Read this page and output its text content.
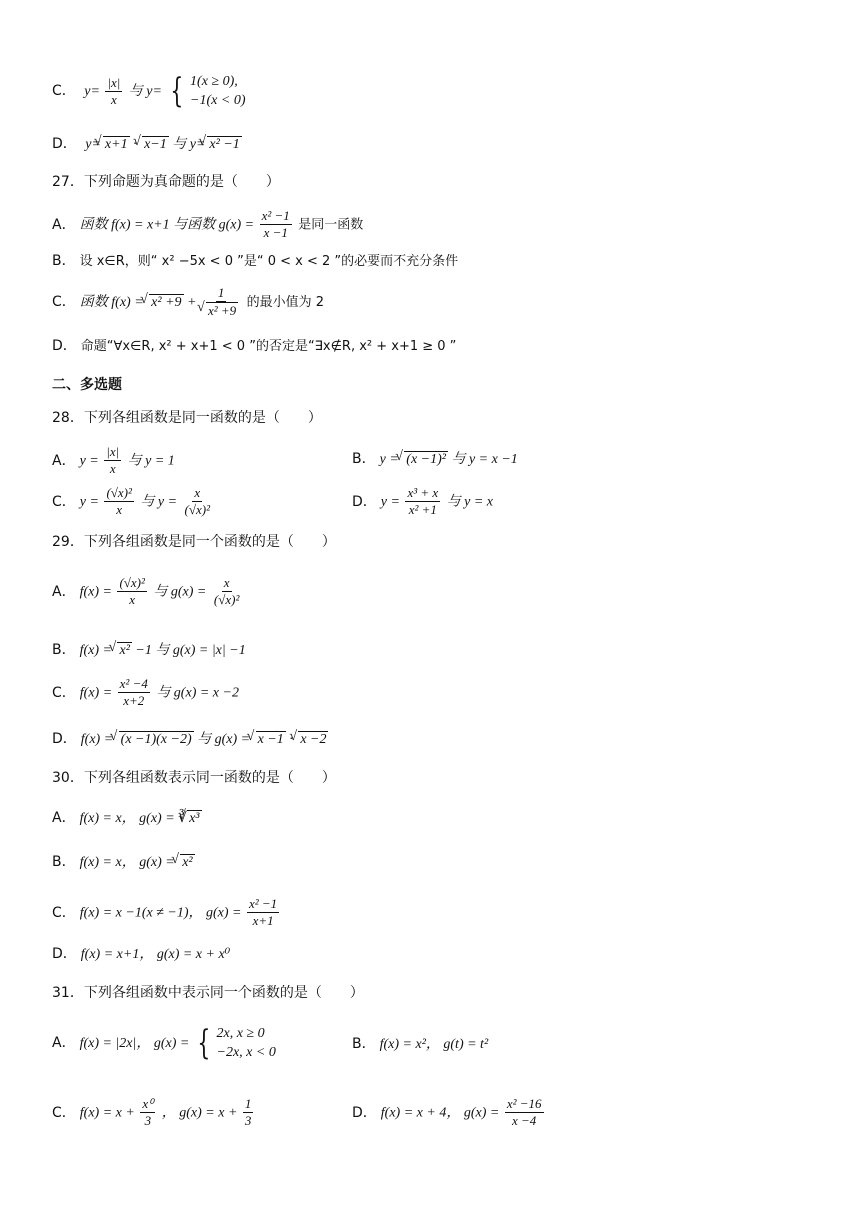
C． $y= \frac{|x|}{x}$ 与 y= { 1(x ≥ 0),
−1(x < 0)
D． y= √ x+1 · √ x−1 与 y= √ x² −1
27．下列命题为真命题的是（　　）
A． 函数 f(x) = x+1 与函数 $g(x) = \frac{\text{x² −1}}{x -1}$ 是同一函数
B． 设 x∈R，则“ x² −5x < 0 ”是“ 0 < x < 2 ”的必要而不充分条件
C． 函数 f(x) = √ x² +9 + 1
√ x² +9 的最小值为 2
D． 命题“∀x∈R, x² + x+1 < 0 ”的否定是“∃x∉R, x² + x+1 ≥ 0 ”
二、多选题
28．下列各组函数是同一函数的是（　　）
A． $y = \frac{|x|}{x}$ 与 y = 1	B． y = √ (x −1)² 与 y = x −1
C． $y = \frac{\text{(√x)²}}{x}$ 与 $y = \frac{x}{\text{(√x)²}}$	D． $y = \frac{\text{x³ + x}}{\text{x² +1}}$ 与 y = x
29．下列各组函数是同一个函数的是（　　）
A． $f(x) = \frac{\text{(√x)²}}{x}$ 与 $g(x) = \frac{x}{\text{(√x)²}}$
B． f(x) = √ x² −1 与 g(x) = |x| −1
C． $f(x) = \frac{\text{x² −4}}{x+2}$ 与 g(x) = x −2
D． f(x) = √ (x −1)(x −2) 与 g(x) = √ x −1 · √ x −2
30．下列各组函数表示同一函数的是（　　）
A． f(x) = x， g(x) = ∛ √ x³
B． f(x) = x， g(x) = √ x²
C． f(x) = x −1(x ≠ −1)， $g(x) = \frac{\text{x² −1}}{x+1}$
D． f(x) = x+1， g(x) = x + x⁰
31．下列各组函数中表示同一个函数的是（　　）
A． f(x) = |2x|， g(x) = { 2x, x ≥ 0
−2x, x < 0
B． f(x) = x²， g(t) = t²
C． $f(x) = x + \frac{\text{x⁰}}{3}$ ， $g(x) = x + \frac{1}{3}$	D． f(x) = x + 4， $g(x) = \frac{\text{x² −16}}{x -4}$
